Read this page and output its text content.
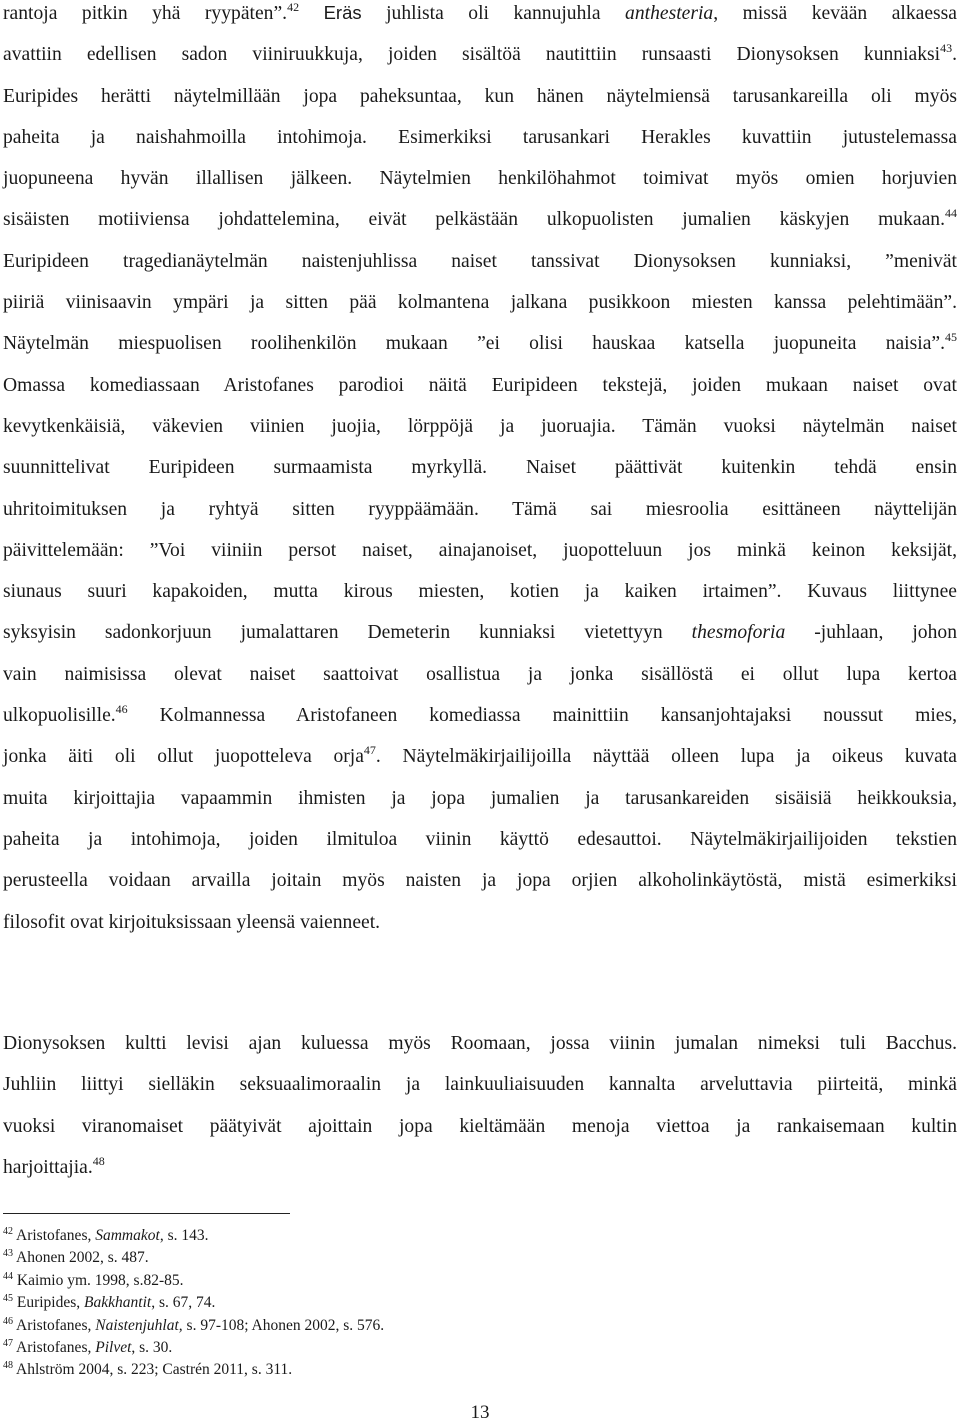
rantoja pitkin yhä ryypäten”.$^{42}$ Eräs juhlista oli kannujuhla anthesteria, missä kevään alkaessa
avattiin edellisen sadon viiniruukkuja, joiden sisältöä nautittiin runsaasti Dionysoksen kunniaksi$^{43}$.
Euripides herätti näytelmillään jopa paheksuntaa, kun hänen näytelmiensä tarusankareilla oli myös
paheita ja naishahmoilla intohimoja. Esimerkiksi tarusankari Herakles kuvattiin jutustelemassa
juopuneena hyvän illallisen jälkeen. Näytelmien henkilöhahmot toimivat myös omien horjuvien
sisäisten motiiviensa johdattelemina, eivät pelkästään ulkopuolisten jumalien käskyjen mukaan.$^{44}$
Euripideen tragedianäytelmän naistenjuhlissa naiset tanssivat Dionysoksen kunniaksi, ”menivät
piiriä viinisaavin ympäri ja sitten pää kolmantena jalkana pusikkoon miesten kanssa pelehtimään”.
Näytelmän miespuolisen roolihenkilön mukaan ”ei olisi hauskaa katsella juopuneita naisia”.$^{45}$
Omassa komediassaan Aristofanes parodioi näitä Euripideen tekstejä, joiden mukaan naiset ovat
kevytkenkäisiä, väkevien viinien juojia, lörppöjä ja juoruajia. Tämän vuoksi näytelmän naiset
suunnittelivat Euripideen surmaamista myrkyllä. Naiset päättivät kuitenkin tehdä ensin
uhritoimituksen ja ryhtyä sitten ryyppäämään. Tämä sai miesroolia esittäneen näyttelijän
päivittelemään: ”Voi viiniin persot naiset, ainajanoiset, juopotteluun jos minkä keinon keksijät,
siunaus suuri kapakoiden, mutta kirous miesten, kotien ja kaiken irtaimen”. Kuvaus liittynee
syksyisin sadonkorjuun jumalattaren Demeterin kunniaksi vietettyyn thesmoforia -juhlaan, johon
vain naimisissa olevat naiset saattoivat osallistua ja jonka sisällöstä ei ollut lupa kertoa
ulkopuolisille.$^{46}$ Kolmannessa Aristofaneen komediassa mainittiin kansanjohtajaksi noussut mies,
jonka äiti oli ollut juopotteleva orja$^{47}$. Näytelmäkirjailijoilla näyttää olleen lupa ja oikeus kuvata
muita kirjoittajia vapaammin ihmisten ja jopa jumalien ja tarusankareiden sisäisiä heikkouksia,
paheita ja intohimoja, joiden ilmituloa viinin käyttö edesauttoi. Näytelmäkirjailijoiden tekstien
perusteella voidaan arvailla joitain myös naisten ja jopa orjien alkoholinkäytöstä, mistä esimerkiksi
filosofit ovat kirjoituksissaan yleensä vaienneet.
Dionysoksen kultti levisi ajan kuluessa myös Roomaan, jossa viinin jumalan nimeksi tuli Bacchus.
Juhliin liittyi sielläkin seksuaalimoraalin ja lainkuuliaisuuden kannalta arveluttavia piirteitä, minkä
vuoksi viranomaiset päätyivät ajoittain jopa kieltämään menoja viettoa ja rankaisemaan kultin
harjoittajia.$^{48}$
$^{42}$ Aristofanes, Sammakot, s. 143.
$^{43}$ Ahonen 2002, s. 487.
$^{44}$ Kaimio ym. 1998, s.82-85.
$^{45}$ Euripides, Bakkhantit, s. 67, 74.
$^{46}$ Aristofanes, Naistenjuhlat, s. 97-108; Ahonen 2002, s. 576.
$^{47}$ Aristofanes, Pilvet, s. 30.
$^{48}$ Ahlström 2004, s. 223; Castrén 2011, s. 311.
13
